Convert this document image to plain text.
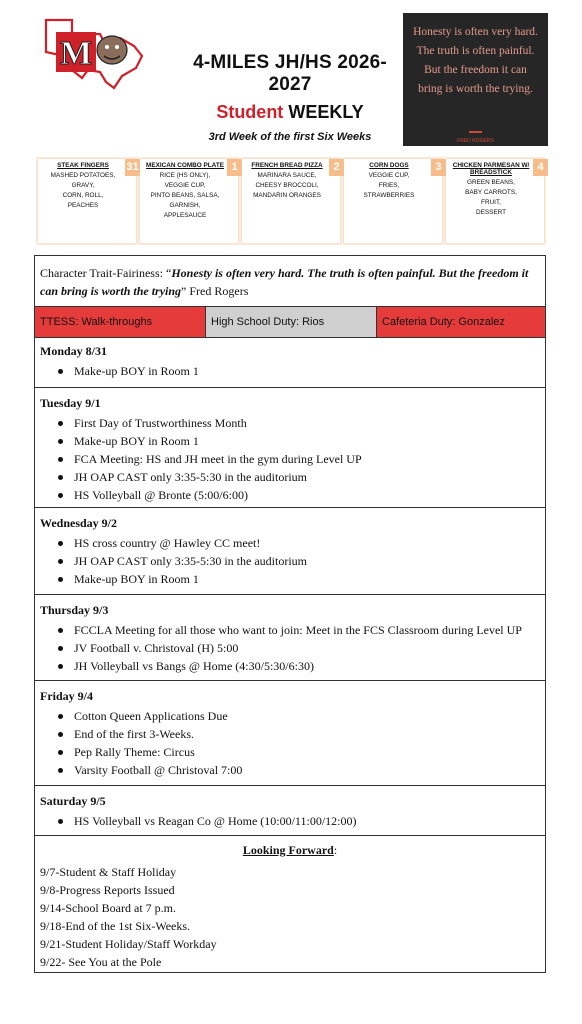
M	4-MILES JH/HS 2026-2027
Student WEEKLY
3rd Week of the first Six Weeks
Honesty is often very hard. The truth is often painful. But the freedom it can bring is worth the trying.
FRED ROGERS
STEAK FINGERS
MASHED POTATOES,
GRAVY,
CORN, ROLL,
PEACHES
31	MEXICAN COMBO PLATE
RICE (HS ONLY),
VEGGIE CUP,
PINTO BEANS, SALSA,
GARNISH,
APPLESAUCE
1	FRENCH BREAD PIZZA
MARINARA SAUCE,
CHEESY BROCCOLI,
MANDARIN ORANGES
2	CORN DOGS
VEGGIE CUP,
FRIES,
STRAWBERRIES
3	CHICKEN PARMESAN W/ BREADSTICK
GREEN BEANS,
BABY CARROTS,
FRUIT,
DESSERT
4
Character Trait-Fairiness: “Honesty is often very hard. The truth is often painful. But the freedom it can bring is worth the trying” Fred Rogers
TTESS: Walk-throughs	High School Duty: Rios	Cafeteria Duty: Gonzalez
Monday 8/31
Make-up BOY in Room 1
Tuesday 9/1
First Day of Trustworthiness Month
Make-up BOY in Room 1
FCA Meeting: HS and JH meet in the gym during Level UP
JH OAP CAST only 3:35-5:30 in the auditorium
HS Volleyball @ Bronte (5:00/6:00)
Wednesday 9/2
HS cross country @ Hawley CC meet!
JH OAP CAST only 3:35-5:30 in the auditorium
Make-up BOY in Room 1
Thursday 9/3
FCCLA Meeting for all those who want to join: Meet in the FCS Classroom during Level UP
JV Football v. Christoval (H) 5:00
JH Volleyball vs Bangs @ Home (4:30/5:30/6:30)
Friday 9/4
Cotton Queen Applications Due
End of the first 3-Weeks.
Pep Rally Theme: Circus
Varsity Football @ Christoval 7:00
Saturday 9/5
HS Volleyball vs Reagan Co @ Home (10:00/11:00/12:00)
Looking Forward:
9/7-Student & Staff Holiday
9/8-Progress Reports Issued
9/14-School Board at 7 p.m.
9/18-End of the 1st Six-Weeks.
9/21-Student Holiday/Staff Workday
9/22- See You at the Pole
